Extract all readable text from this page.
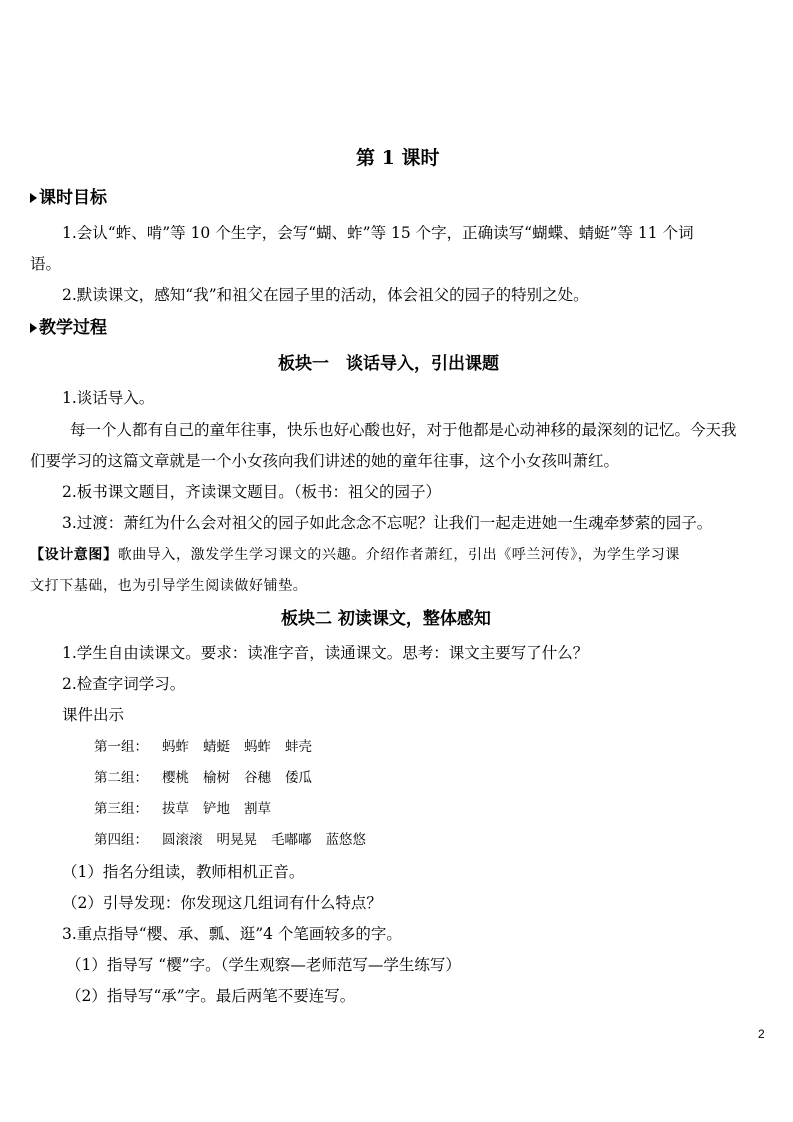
第 1 课时
课时目标
1.会认“蚱、啃”等 10 个生字，会写“蝴、蚱”等 15 个字，正确读写“蝴蝶、蜻蜓”等 11 个词
语。
2.默读课文，感知“我”和祖父在园子里的活动，体会祖父的园子的特别之处。
教学过程
板块一　谈话导入，引出课题
1.谈话导入。
每一个人都有自己的童年往事，快乐也好心酸也好，对于他都是心动神移的最深刻的记忆。今天我
们要学习的这篇文章就是一个小女孩向我们讲述的她的童年往事，这个小女孩叫萧红。
2.板书课文题目，齐读课文题目。（板书：祖父的园子）
3.过渡：萧红为什么会对祖父的园子如此念念不忘呢？让我们一起走进她一生魂牵梦萦的园子。
【设计意图】歌曲导入，激发学生学习课文的兴趣。介绍作者萧红，引出《呼兰河传》，为学生学习课
文打下基础，也为引导学生阅读做好铺垫。
板块二 初读课文，整体感知
1.学生自由读课文。要求：读准字音，读通课文。思考：课文主要写了什么？
2.检查字词学习。
课件出示
第一组： 蚂蚱 蜻蜓 蚂蚱 蚌壳
第二组： 樱桃 榆树 谷穗 倭瓜
第三组： 拔草 铲地 割草
第四组： 圆滚滚 明晃晃 毛嘟嘟 蓝悠悠
（1）指名分组读，教师相机正音。
（2）引导发现：你发现这几组词有什么特点？
3.重点指导“樱、承、瓢、逛”4 个笔画较多的字。
（1）指导写 “樱”字。（学生观察—老师范写—学生练写）
（2）指导写“承”字。最后两笔不要连写。
2
